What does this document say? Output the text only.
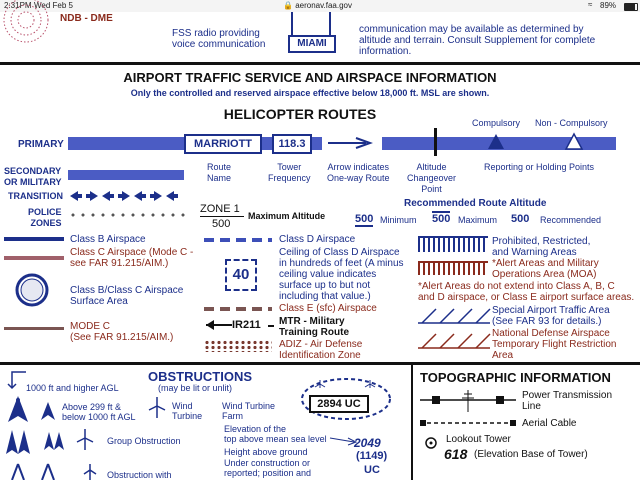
2:31PM Wed Feb 5	🔒 aeronav.faa.gov	≈ 89%
NDB - DME
FSS radio providing
voice communication	MIAMI
communication may be available as determined by
altitude and terrain. Consult Supplement for complete
information.
AIRPORT TRAFFIC SERVICE AND AIRSPACE INFORMATION
Only the controlled and reserved airspace effective below 18,000 ft. MSL are shown.
HELICOPTER ROUTES
PRIMARY	MARRIOTT	118.3
Compulsory Non - Compulsory
SECONDARY
OR MILITARY
Route
Name
Tower
Frequency
Arrow indicates
One-way Route
Altitude
Changeover
Point
Reporting or Holding Points
TRANSITION
POLICE
ZONES
ZONE 1
500
Maximum Altitude
Recommended Route Altitude
500 Minimum 500 Maximum 500 Recommended
Class B Airspace
Class C Airspace (Mode C -
see FAR 91.215/AIM.)
Class B/Class C Airspace
Surface Area
MODE C
(See FAR 91.215/AIM.)
Class D Airspace
40
Ceiling of Class D Airspace
in hundreds of feet (A minus
ceiling value indicates
surface up to but not
including that value.)
Class E (sfc) Airspace
IR211 MTR - Military
Training Route
ADIZ - Air Defense
Identification Zone
Prohibited, Restricted,
and Warning Areas
*Alert Areas and Military
Operations Area (MOA)
*Alert Areas do not extend into Class A, B, C
and D airspace, or Class E airport surface areas.
Special Airport Traffic Area
(See FAR 93 for details.)
National Defense Airspace
Temporary Flight Restriction
Area
OBSTRUCTIONS
(may be lit or unlit)
1000 ft and higher AGL
Above 299 ft &
below 1000 ft AGL
Wind
Turbine
Wind Turbine
Farm
2894 UC
Group Obstruction
Elevation of the
top above mean sea level 2049
Height above ground	(1149)
Under construction or
reported; position and	UC
Obstruction with
TOPOGRAPHIC INFORMATION
Power Transmission
Line
Aerial Cable
Lookout Tower
618 (Elevation Base of Tower)
